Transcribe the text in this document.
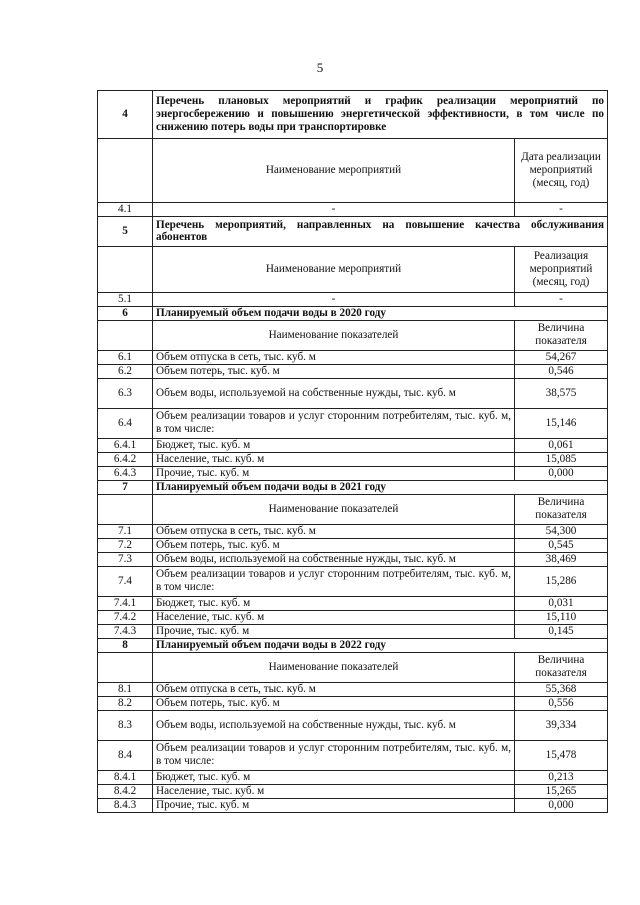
5
4	Перечень плановых мероприятий и график реализации мероприятий по энергосбережению и повышению энергетической эффективности, в том числе по снижению потерь воды при транспортировке	
	Наименование мероприятий	Дата реализации мероприятий (месяц, год)
4.1	-	-
5	Перечень мероприятий, направленных на повышение качества обслуживания абонентов	
	Наименование мероприятий	Реализация мероприятий (месяц, год)
5.1	-	-
6	Планируемый объем подачи воды в 2020 году	
	Наименование показателей	Величина показателя
6.1	Объем отпуска в сеть, тыс. куб. м	54,267
6.2	Объем потерь, тыс. куб. м	0,546
6.3	Объем воды, используемой на собственные нужды, тыс. куб. м	38,575
6.4	Объем реализации товаров и услуг сторонним потребителям, тыс. куб. м, в том числе:	15,146
6.4.1	Бюджет, тыс. куб. м	0,061
6.4.2	Население, тыс. куб. м	15,085
6.4.3	Прочие, тыс. куб. м	0,000
7	Планируемый объем подачи воды в 2021 году	
	Наименование показателей	Величина показателя
7.1	Объем отпуска в сеть, тыс. куб. м	54,300
7.2	Объем потерь, тыс. куб. м	0,545
7.3	Объем воды, используемой на собственные нужды, тыс. куб. м	38,469
7.4	Объем реализации товаров и услуг сторонним потребителям, тыс. куб. м, в том числе:	15,286
7.4.1	Бюджет, тыс. куб. м	0,031
7.4.2	Население, тыс. куб. м	15,110
7.4.3	Прочие, тыс. куб. м	0,145
8	Планируемый объем подачи воды в 2022 году	
	Наименование показателей	Величина показателя
8.1	Объем отпуска в сеть, тыс. куб. м	55,368
8.2	Объем потерь, тыс. куб. м	0,556
8.3	Объем воды, используемой на собственные нужды, тыс. куб. м	39,334
8.4	Объем реализации товаров и услуг сторонним потребителям, тыс. куб. м, в том числе:	15,478
8.4.1	Бюджет, тыс. куб. м	0,213
8.4.2	Население, тыс. куб. м	15,265
8.4.3	Прочие, тыс. куб. м	0,000
